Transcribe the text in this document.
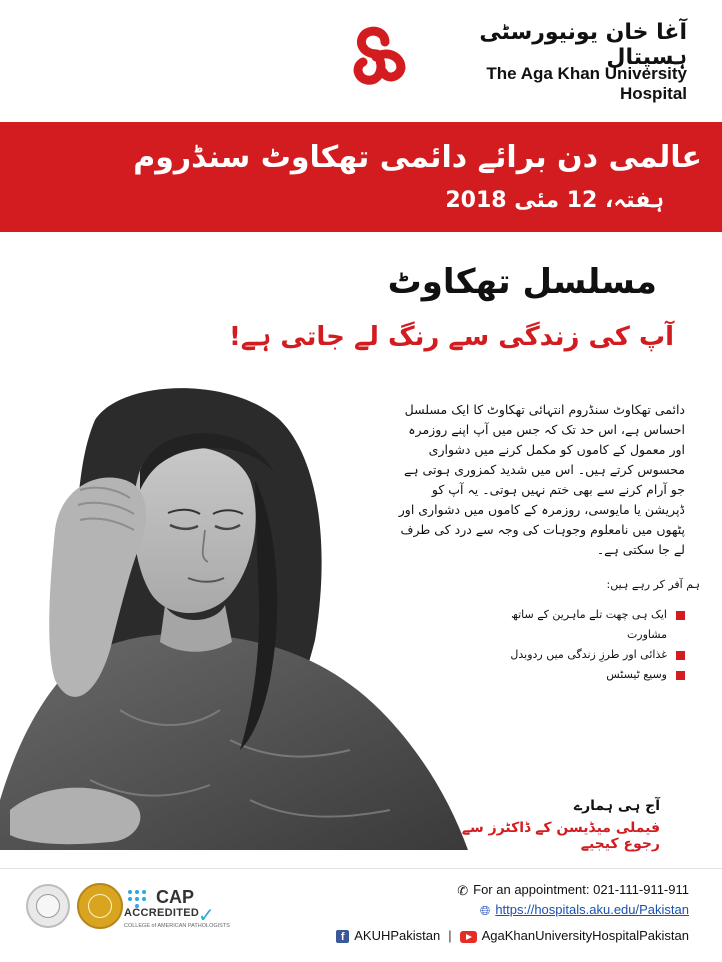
آغا خان یونیورسٹی ہسپتال
The Aga Khan University Hospital
عالمی دن برائے دائمی تھکاوٹ سنڈروم
ہفتہ، 12 مئی 2018
مسلسل تھکاوٹ
آپ کی زندگی سے رنگ لے جاتی ہے!
دائمی تھکاوٹ سنڈروم انتہائی تھکاوٹ کا ایک مسلسل احساس ہے، اس حد تک کہ جس میں آپ اپنے روزمرہ اور معمول کے کاموں کو مکمل کرنے میں دشواری محسوس کرتے ہیں۔ اس میں شدید کمزوری ہوتی ہے جو آرام کرنے سے بھی ختم نہیں ہوتی۔ یہ آپ کو ڈپریشن یا مایوسی، روزمرہ کے کاموں میں دشواری اور پٹھوں میں نامعلوم وجوہات کی وجہ سے درد کی طرف لے جا سکتی ہے۔
ہم آفر کر رہے ہیں:
ایک ہی چھت تلے ماہرین کے ساتھ مشاورت
غذائی اور طرزِ زندگی میں ردوبدل
وسیع ٹیسٹس
آج ہی ہمارے
فیملی میڈیسن کے ڈاکٹرز سے رجوع کیجیے
CAP
ACCREDITED
✓
COLLEGE of AMERICAN PATHOLOGISTS
✆ For an appointment: 021-111-911-911
🌐︎ https://hospitals.aku.edu/Pakistan
f AKUHPakistan | AgaKhanUniversityHospitalPakistan
